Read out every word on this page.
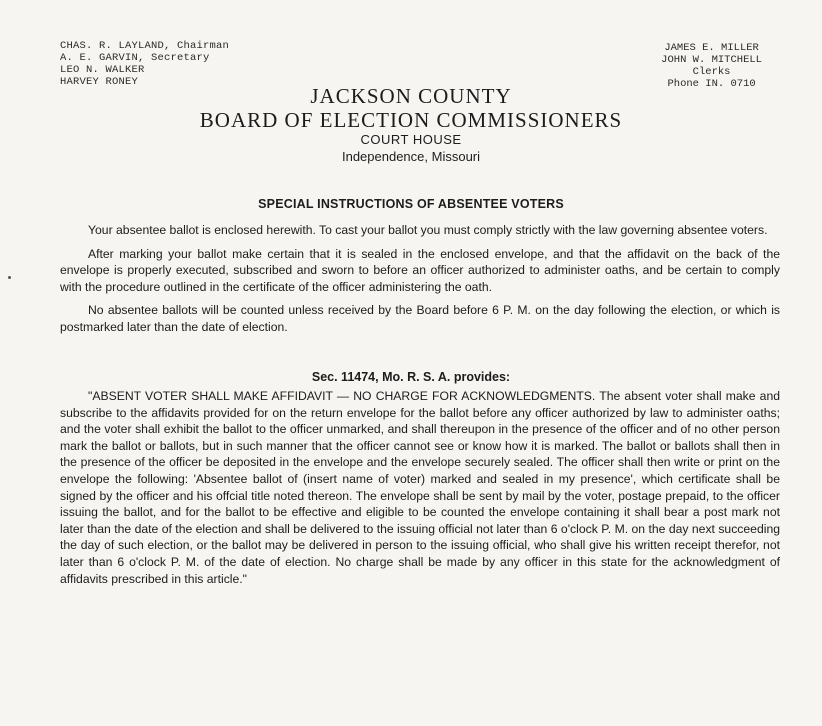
CHAS. R. LAYLAND, Chairman
A. E. GARVIN, Secretary
LEO N. WALKER
HARVEY RONEY
JAMES E. MILLER
JOHN W. MITCHELL
Clerks
Phone IN. 0710
JACKSON COUNTY
BOARD OF ELECTION COMMISSIONERS
COURT HOUSE
Independence, Missouri
SPECIAL INSTRUCTIONS OF ABSENTEE VOTERS

Your absentee ballot is enclosed herewith. To cast your ballot you must comply strictly with the law governing absentee voters.

After marking your ballot make certain that it is sealed in the enclosed envelope, and that the affidavit on the back of the envelope is properly executed, subscribed and sworn to before an officer authorized to administer oaths, and be certain to comply with the procedure outlined in the certificate of the officer administering the oath.

No absentee ballots will be counted unless received by the Board before 6 P. M. on the day following the election, or which is postmarked later than the date of election.

Sec. 11474, Mo. R. S. A. provides:

"ABSENT VOTER SHALL MAKE AFFIDAVIT — NO CHARGE FOR ACKNOWLEDGMENTS. The absent voter shall make and subscribe to the affidavits provided for on the return envelope for the ballot before any officer authorized by law to administer oaths; and the voter shall exhibit the ballot to the officer unmarked, and shall thereupon in the presence of the officer and of no other person mark the ballot or ballots, but in such manner that the officer cannot see or know how it is marked. The ballot or ballots shall then in the presence of the officer be deposited in the envelope and the envelope securely sealed. The officer shall then write or print on the envelope the following: 'Absentee ballot of (insert name of voter) marked and sealed in my presence', which certificate shall be signed by the officer and his offcial title noted thereon. The envelope shall be sent by mail by the voter, postage prepaid, to the officer issuing the ballot, and for the ballot to be effective and eligible to be counted the envelope containing it shall bear a post mark not later than the date of the election and shall be delivered to the issuing official not later than 6 o'clock P. M. on the day next succeeding the day of such election, or the ballot may be delivered in person to the issuing official, who shall give his written receipt therefor, not later than 6 o'clock P. M. of the date of election. No charge shall be made by any officer in this state for the acknowledgment of affidavits prescribed in this article."
